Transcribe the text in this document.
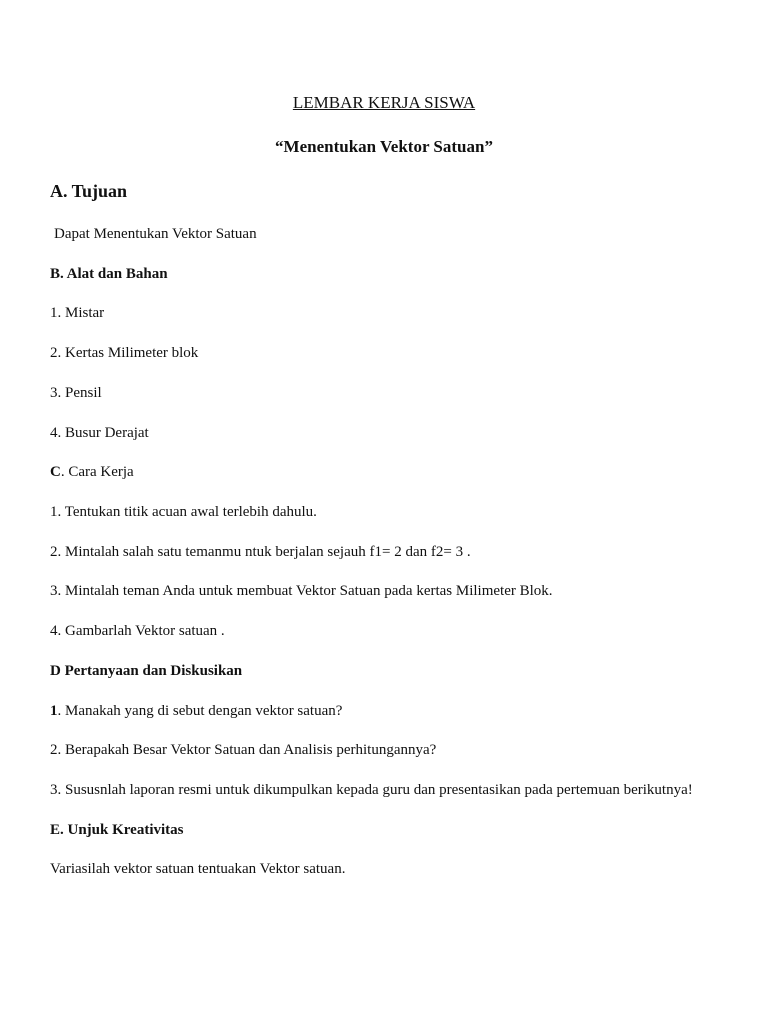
LEMBAR KERJA SISWA
“Menentukan Vektor Satuan”
A. Tujuan
Dapat Menentukan Vektor Satuan
B. Alat dan Bahan
1. Mistar
2. Kertas Milimeter blok
3. Pensil
4. Busur Derajat
C. Cara Kerja
1. Tentukan titik acuan awal terlebih dahulu.
2. Mintalah salah satu temanmu ntuk berjalan sejauh f1= 2 dan f2= 3 .
3. Mintalah teman Anda untuk membuat Vektor Satuan pada kertas Milimeter Blok.
4. Gambarlah Vektor satuan .
D Pertanyaan dan Diskusikan
1. Manakah yang di sebut dengan vektor satuan?
2. Berapakah Besar Vektor Satuan dan Analisis perhitungannya?
3. Sususnlah laporan resmi untuk dikumpulkan kepada guru dan presentasikan pada pertemuan berikutnya!
E. Unjuk Kreativitas
Variasilah vektor satuan tentuakan Vektor satuan.
